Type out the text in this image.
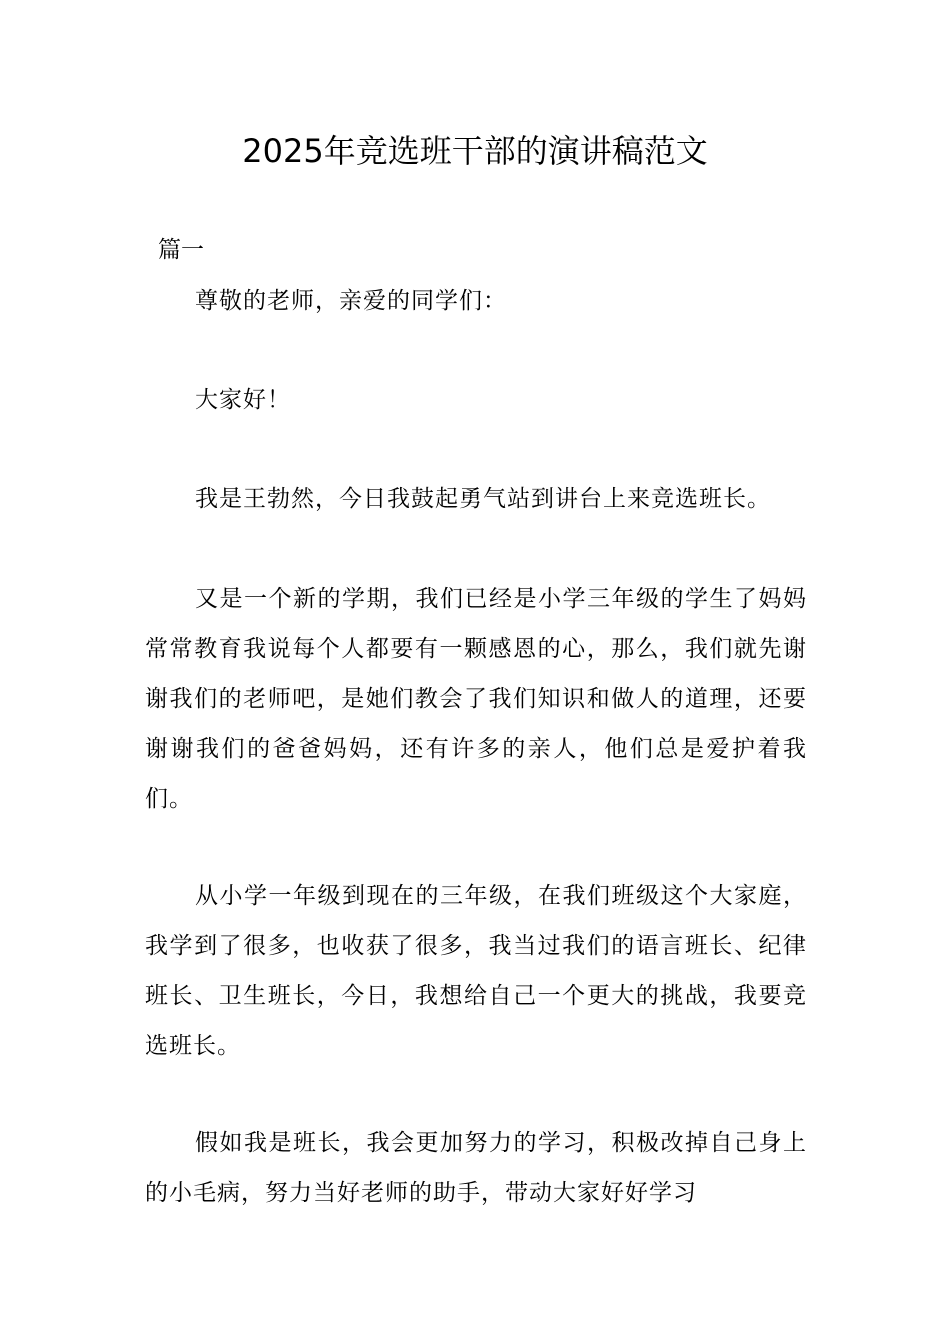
2025年竞选班干部的演讲稿范文
篇一

尊敬的老师，亲爱的同学们：

大家好！

我是王勃然，今日我鼓起勇气站到讲台上来竞选班长。

又是一个新的学期，我们已经是小学三年级的学生了妈妈常常教育我说每个人都要有一颗感恩的心，那么，我们就先谢谢我们的老师吧，是她们教会了我们知识和做人的道理，还要谢谢我们的爸爸妈妈，还有许多的亲人，他们总是爱护着我们。

从小学一年级到现在的三年级，在我们班级这个大家庭，我学到了很多，也收获了很多，我当过我们的语言班长、纪律班长、卫生班长，今日，我想给自己一个更大的挑战，我要竞选班长。

假如我是班长，我会更加努力的学习，积极改掉自己身上的小毛病，努力当好老师的助手，带动大家好好学习
